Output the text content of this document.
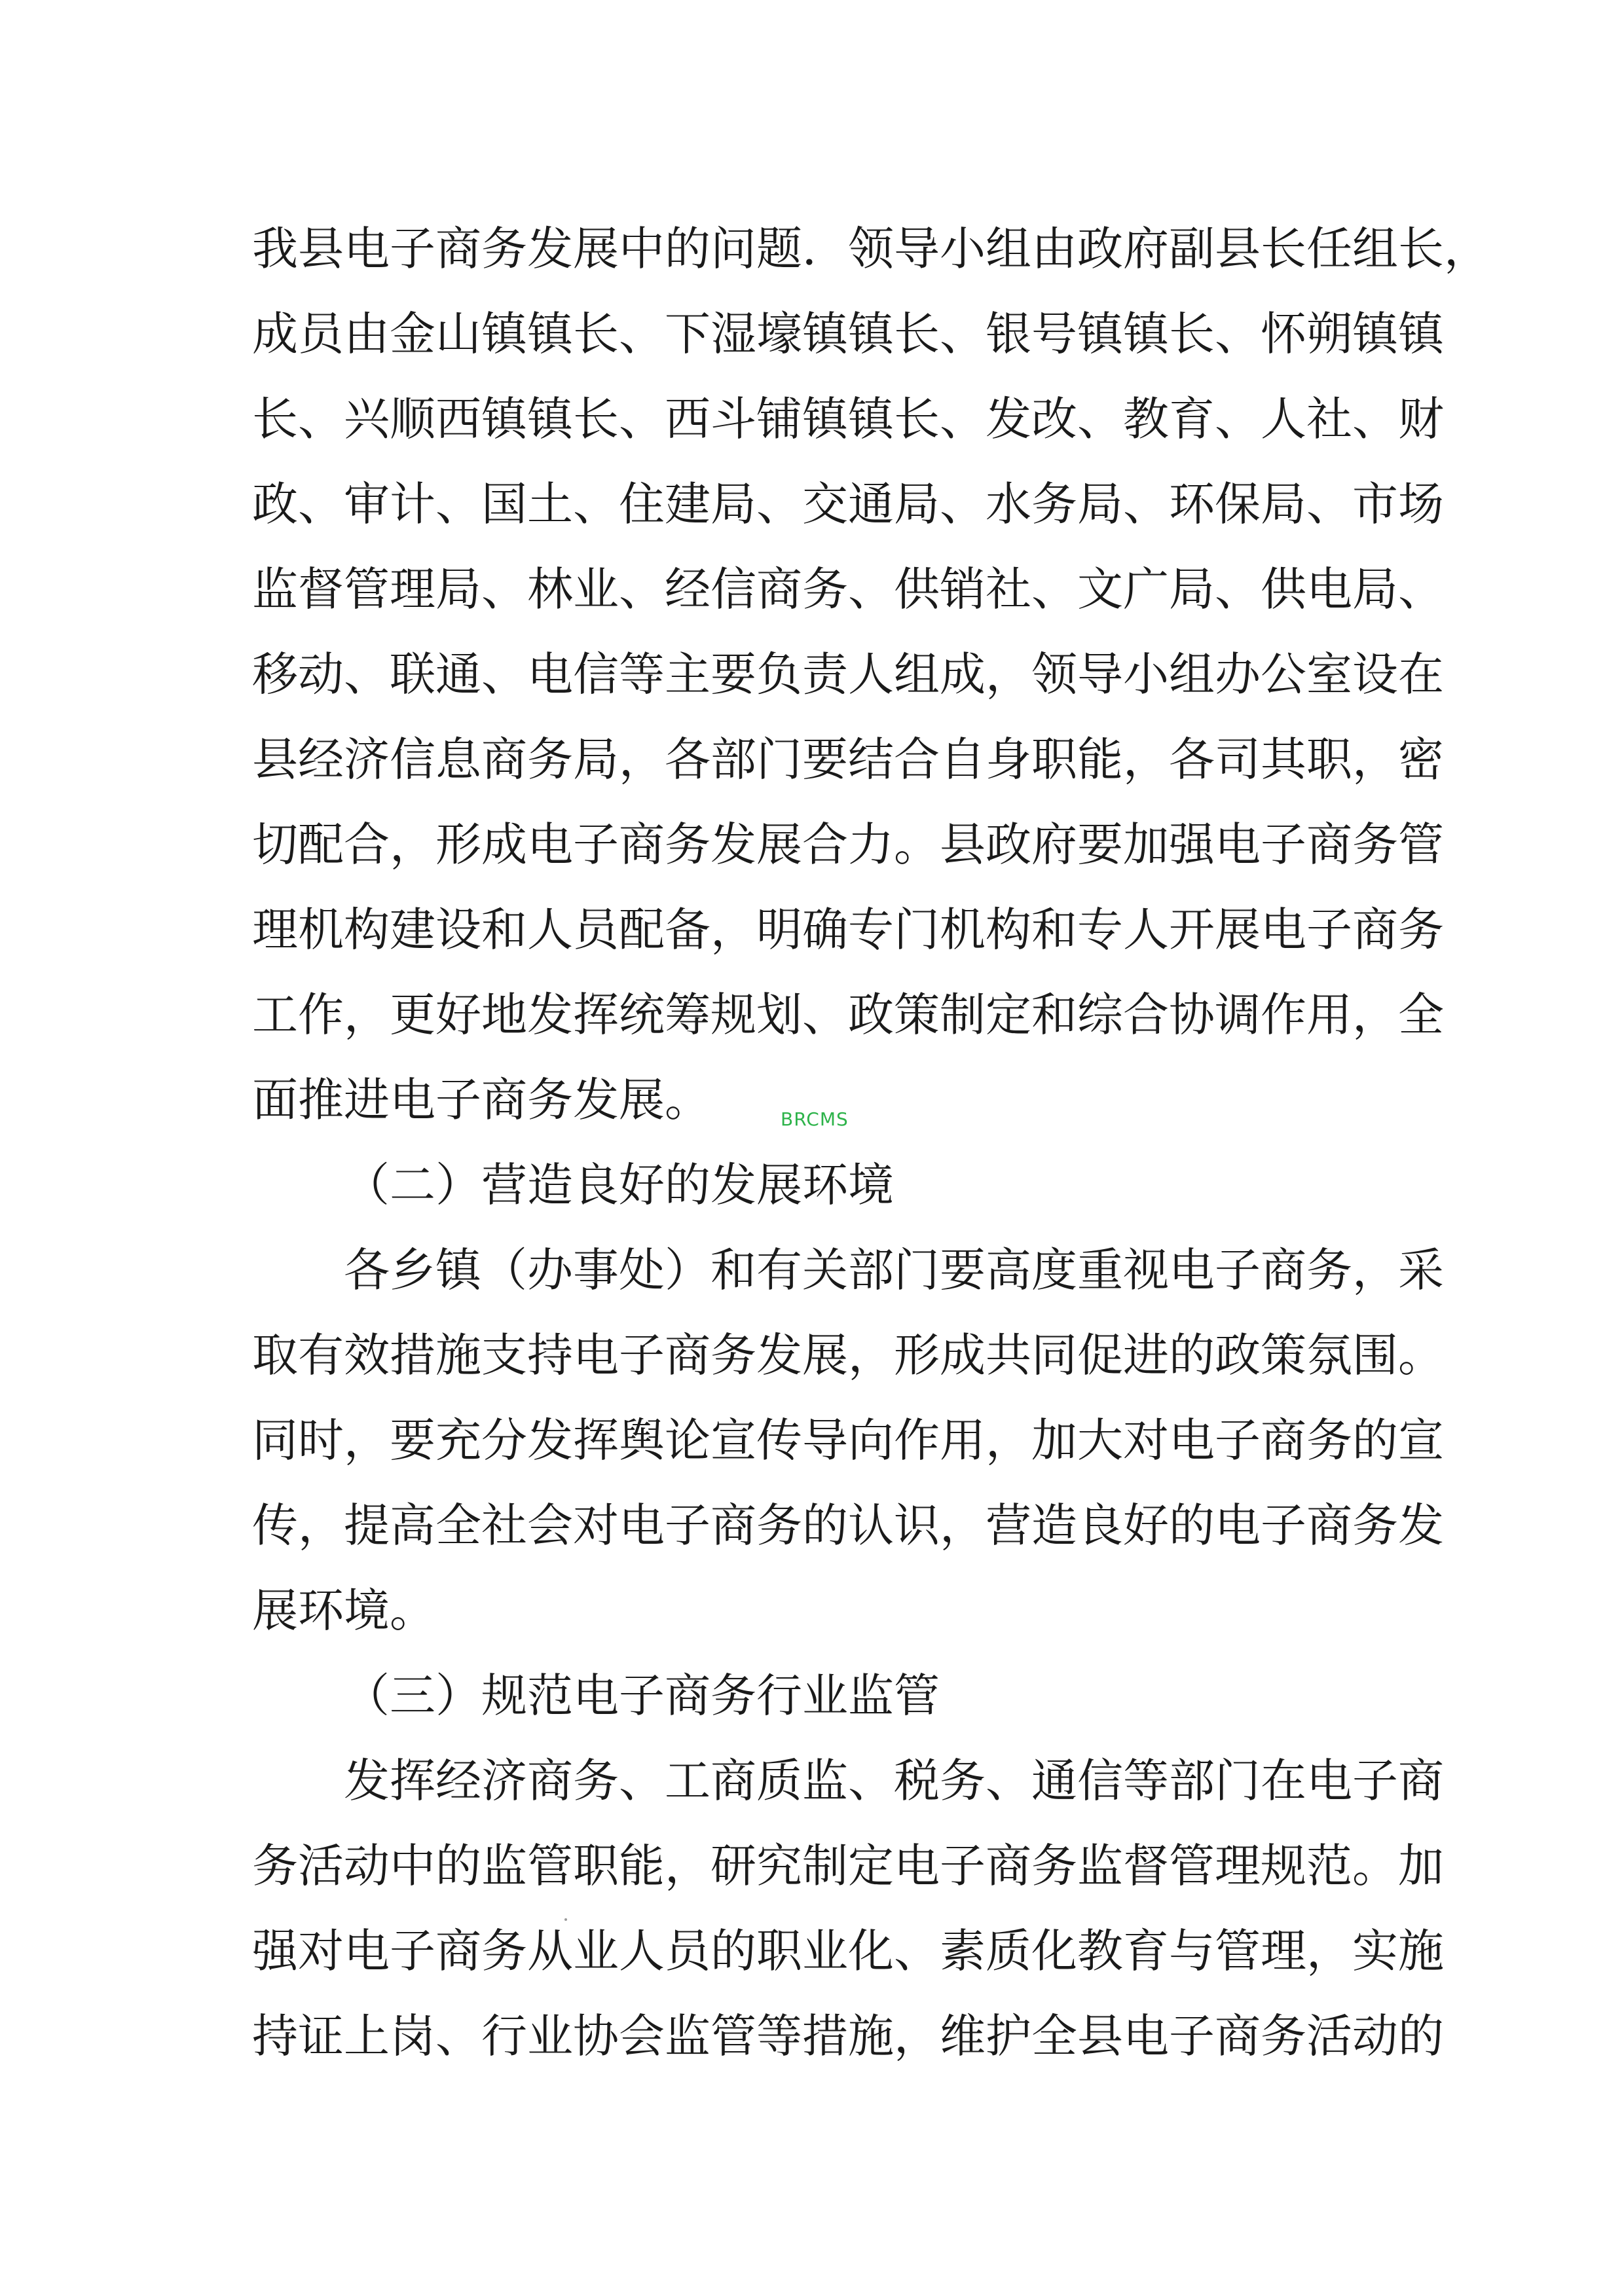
我县电子商务发展中的问题．领导小组由政府副县长任组长，
成员由金山镇镇长、下湿壕镇镇长、银号镇镇长、怀朔镇镇
长、兴顺西镇镇长、西斗铺镇镇长、发改、教育、人社、财
政、审计、国土、住建局、交通局、水务局、环保局、市场
监督管理局、林业、经信商务、供销社、文广局、供电局、
移动、联通、电信等主要负责人组成，领导小组办公室设在
县经济信息商务局，各部门要结合自身职能，各司其职，密
切配合，形成电子商务发展合力。县政府要加强电子商务管
理机构建设和人员配备，明确专门机构和专人开展电子商务
工作，更好地发挥统筹规划、政策制定和综合协调作用，全
面推进电子商务发展。	BRCMS
（二）营造良好的发展环境
各乡镇（办事处）和有关部门要高度重视电子商务，采
取有效措施支持电子商务发展，形成共同促进的政策氛围。
同时，要充分发挥舆论宣传导向作用，加大对电子商务的宣
传，提高全社会对电子商务的认识，营造良好的电子商务发
展环境。
（三）规范电子商务行业监管
发挥经济商务、工商质监、税务、通信等部门在电子商
务活动中的监管职能，研究制定电子商务监督管理规范。加
强对电子商务从业人员的职业化、素质化教育与管理，实施
持证上岗、行业协会监管等措施，维护全县电子商务活动的
